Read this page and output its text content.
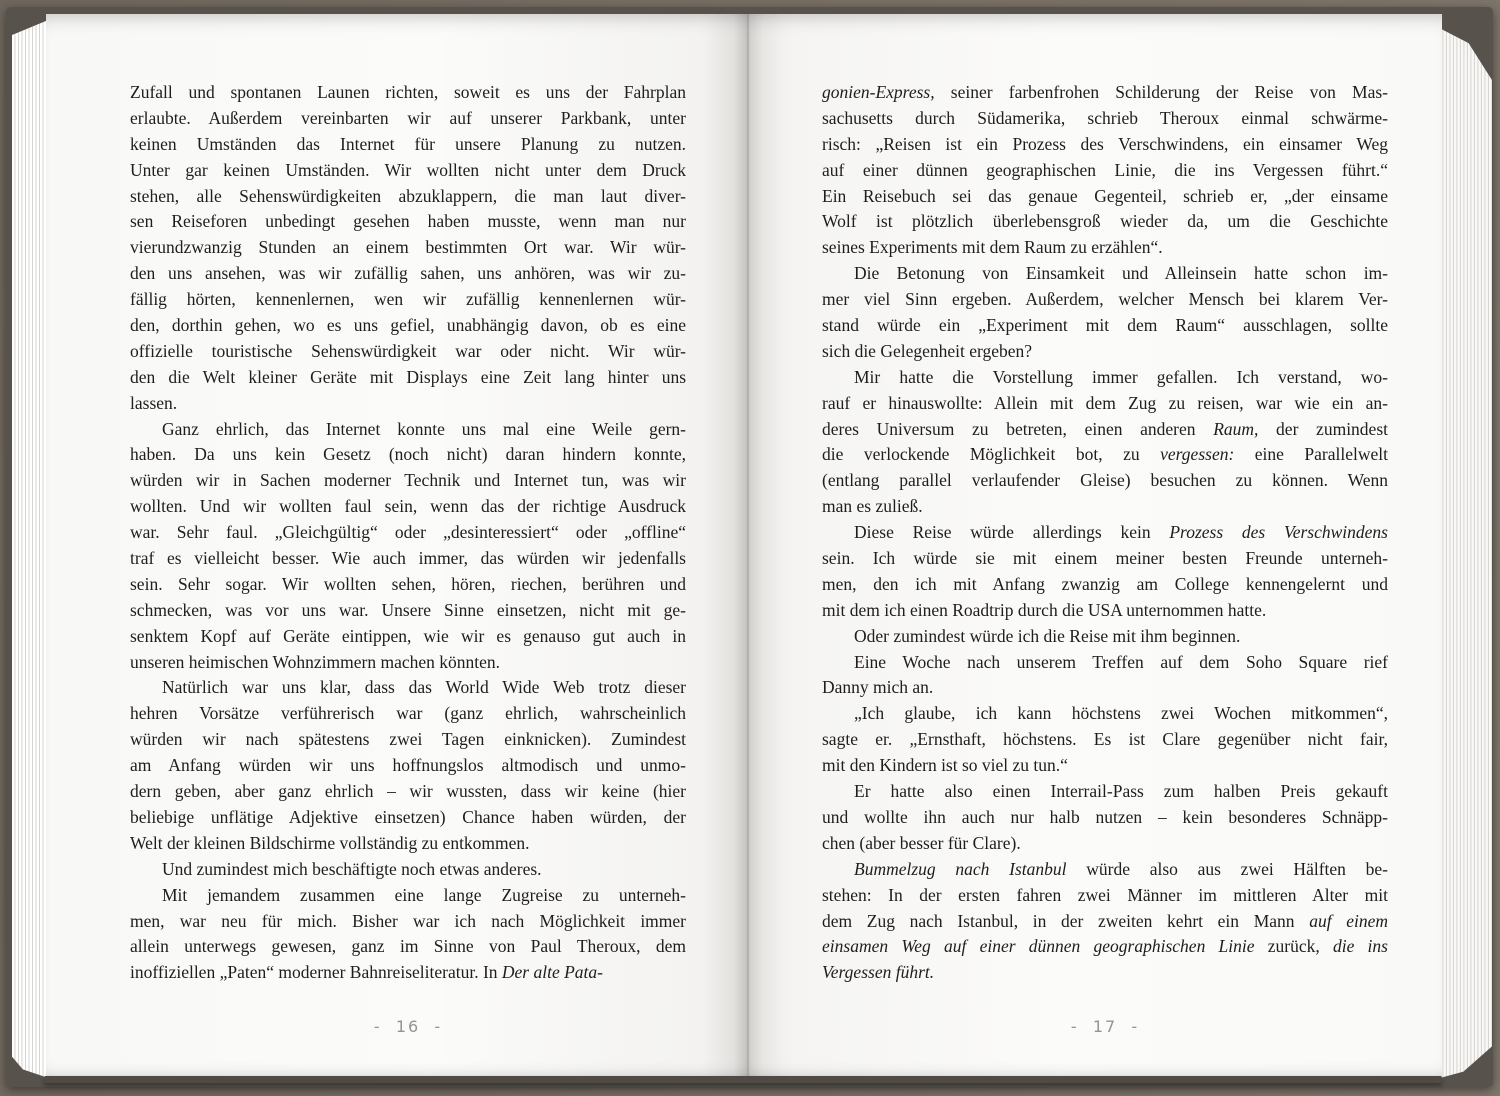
Zufall und spontanen Launen richten, soweit es uns der Fahrplan
erlaubte. Außerdem vereinbarten wir auf unserer Parkbank, unter
keinen Umständen das Internet für unsere Planung zu nutzen.
Unter gar keinen Umständen. Wir wollten nicht unter dem Druck
stehen, alle Sehenswürdigkeiten abzuklappern, die man laut diver-
sen Reiseforen unbedingt gesehen haben musste, wenn man nur
vierundzwanzig Stunden an einem bestimmten Ort war. Wir wür-
den uns ansehen, was wir zufällig sahen, uns anhören, was wir zu-
fällig hörten, kennenlernen, wen wir zufällig kennenlernen wür-
den, dorthin gehen, wo es uns gefiel, unabhängig davon, ob es eine
offizielle touristische Sehenswürdigkeit war oder nicht. Wir wür-
den die Welt kleiner Geräte mit Displays eine Zeit lang hinter uns
lassen.
Ganz ehrlich, das Internet konnte uns mal eine Weile gern-
haben. Da uns kein Gesetz (noch nicht) daran hindern konnte,
würden wir in Sachen moderner Technik und Internet tun, was wir
wollten. Und wir wollten faul sein, wenn das der richtige Ausdruck
war. Sehr faul. „Gleichgültig“ oder „desinteressiert“ oder „offline“
traf es vielleicht besser. Wie auch immer, das würden wir jedenfalls
sein. Sehr sogar. Wir wollten sehen, hören, riechen, berühren und
schmecken, was vor uns war. Unsere Sinne einsetzen, nicht mit ge-
senktem Kopf auf Geräte eintippen, wie wir es genauso gut auch in
unseren heimischen Wohnzimmern machen könnten.
Natürlich war uns klar, dass das World Wide Web trotz dieser
hehren Vorsätze verführerisch war (ganz ehrlich, wahrscheinlich
würden wir nach spätestens zwei Tagen einknicken). Zumindest
am Anfang würden wir uns hoffnungslos altmodisch und unmo-
dern geben, aber ganz ehrlich – wir wussten, dass wir keine (hier
beliebige unflätige Adjektive einsetzen) Chance haben würden, der
Welt der kleinen Bildschirme vollständig zu entkommen.
Und zumindest mich beschäftigte noch etwas anderes.
Mit jemandem zusammen eine lange Zugreise zu unterneh-
men, war neu für mich. Bisher war ich nach Möglichkeit immer
allein unterwegs gewesen, ganz im Sinne von Paul Theroux, dem
inoffiziellen „Paten“ moderner Bahnreiseliteratur. In Der alte Pata-
-  16  -
gonien-Express, seiner farbenfrohen Schilderung der Reise von Mas-
sachusetts durch Südamerika, schrieb Theroux einmal schwärme-
risch: „Reisen ist ein Prozess des Verschwindens, ein einsamer Weg
auf einer dünnen geographischen Linie, die ins Vergessen führt.“
Ein Reisebuch sei das genaue Gegenteil, schrieb er, „der einsame
Wolf ist plötzlich überlebensgroß wieder da, um die Geschichte
seines Experiments mit dem Raum zu erzählen“.
Die Betonung von Einsamkeit und Alleinsein hatte schon im-
mer viel Sinn ergeben. Außerdem, welcher Mensch bei klarem Ver-
stand würde ein „Experiment mit dem Raum“ ausschlagen, sollte
sich die Gelegenheit ergeben?
Mir hatte die Vorstellung immer gefallen. Ich verstand, wo-
rauf er hinauswollte: Allein mit dem Zug zu reisen, war wie ein an-
deres Universum zu betreten, einen anderen Raum, der zumindest
die verlockende Möglichkeit bot, zu vergessen: eine Parallelwelt
(entlang parallel verlaufender Gleise) besuchen zu können. Wenn
man es zuließ.
Diese Reise würde allerdings kein Prozess des Verschwindens
sein. Ich würde sie mit einem meiner besten Freunde unterneh-
men, den ich mit Anfang zwanzig am College kennengelernt und
mit dem ich einen Roadtrip durch die USA unternommen hatte.
Oder zumindest würde ich die Reise mit ihm beginnen.
Eine Woche nach unserem Treffen auf dem Soho Square rief
Danny mich an.
„Ich glaube, ich kann höchstens zwei Wochen mitkommen“,
sagte er. „Ernsthaft, höchstens. Es ist Clare gegenüber nicht fair,
mit den Kindern ist so viel zu tun.“
Er hatte also einen Interrail-Pass zum halben Preis gekauft
und wollte ihn auch nur halb nutzen – kein besonderes Schnäpp-
chen (aber besser für Clare).
Bummelzug nach Istanbul würde also aus zwei Hälften be-
stehen: In der ersten fahren zwei Männer im mittleren Alter mit
dem Zug nach Istanbul, in der zweiten kehrt ein Mann auf einem
einsamen Weg auf einer dünnen geographischen Linie zurück, die ins
Vergessen führt.
-  17  -
